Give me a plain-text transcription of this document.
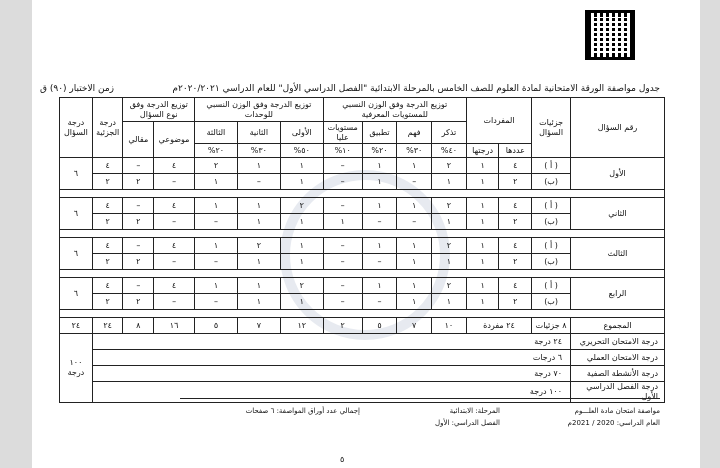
جدول مواصفة الورقة الامتحانية لمادة العلوم للصف الخامس بالمرحلة الابتدائية "الفصل الدراسي الأول" للعام الدراسي ٢٠٢٠/٢٠٢١م
زمن الاختبار (٩٠) ق
رقم السؤال	جزئيات السؤال	المفردات		توزيع الدرجة وفق الوزن النسبي للمستويات المعرفية				توزيع الدرجة وفق الوزن النسبي للوحدات			توزيع الدرجة وفق نوع السؤال		درجة الجزئية	درجة السؤال
				تذكر	فهم	تطبيق	مستويات عليا	الأولى	الثانية	الثالثة	موضوعي	مقالي		
		عددها	درجتها	٤٠%	٣٠%	٢٠%	١٠%	٥٠%	٣٠%	٢٠%				
الأول	( أ )	٤	١	٢	١	١	–	١	١	٢	٤	–	٤	٦
	(ب)	٢	١	١	–	١	–	١	–	١	–	٢	٢	

الثاني	( أ )	٤	١	٢	١	١	–	٢	١	١	٤	–	٤	٦
	(ب)	٢	١	١	–	–	١	١	١	–	–	٢	٢	

الثالث	( أ )	٤	١	٢	١	١	–	١	٢	١	٤	–	٤	٦
	(ب)	٢	١	١	١	–	–	١	١	–	–	٢	٢	

الرابع	( أ )	٤	١	٢	١	١	–	٢	١	١	٤	–	٤	٦
	(ب)	٢	١	١	١	–	–	١	١	–	–	٢	٢	

المجموع	٨ جزئيات	٢٤ مفردة		١٠	٧	٥	٢	١٢	٧	٥	١٦	٨	٢٤	٢٤
درجة الامتحان التحريري	٢٤ درجة													١٠٠ درجة
درجة الامتحان العملي	٦ درجات													
درجة الأنشطة الصفية	٧٠ درجة													
درجة الفصل الدراسي الأول	١٠٠ درجة													
مواصفة امتحان مادة العلـــوم
العام الدراسي: 2020 / 2021م
المرحلة: الابتدائية
الفصل الدراسي: الأول
إجمالي عدد أوراق المواصفة: ٦ صفحات
٥
